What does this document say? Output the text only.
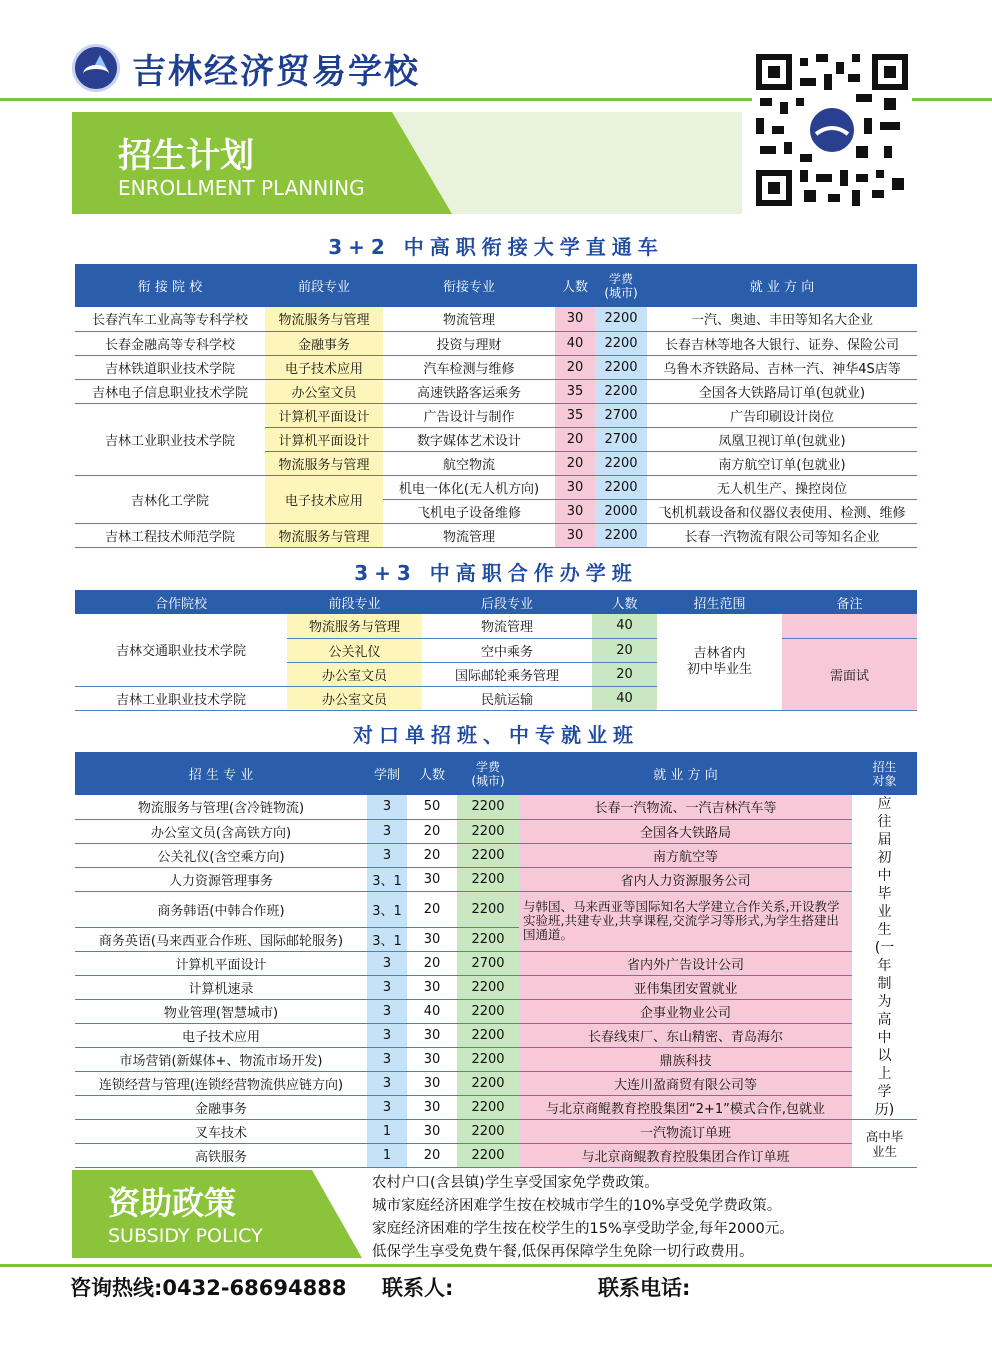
吉林经济贸易学校
招生计划
ENROLLMENT PLANNING
3+2 中高职衔接大学直通车
衔 接 院 校	前段专业	衔接专业	人数	学费
(城市)	就 业 方 向
长春汽车工业高等专科学校	物流服务与管理	物流管理	30	2200	一汽、奥迪、丰田等知名大企业
长春金融高等专科学校	金融事务	投资与理财	40	2200	长春吉林等地各大银行、证券、保险公司
吉林铁道职业技术学院	电子技术应用	汽车检测与维修	20	2200	乌鲁木齐铁路局、吉林一汽、神华4S店等
吉林电子信息职业技术学院	办公室文员	高速铁路客运乘务	35	2200	全国各大铁路局订单(包就业)
吉林工业职业技术学院	计算机平面设计	广告设计与制作	35	2700	广告印刷设计岗位
	计算机平面设计	数字媒体艺术设计	20	2700	凤凰卫视订单(包就业)
	物流服务与管理	航空物流	20	2200	南方航空订单(包就业)
吉林化工学院	电子技术应用	机电一体化(无人机方向)	30	2200	无人机生产、操控岗位
		飞机电子设备维修	30	2000	飞机机载设备和仪器仪表使用、检测、维修
吉林工程技术师范学院	物流服务与管理	物流管理	30	2200	长春一汽物流有限公司等知名企业
3+3 中高职合作办学班
合作院校	前段专业	后段专业	人数	招生范围	备注
吉林交通职业技术学院	物流服务与管理	物流管理	40	吉林省内
初中毕业生	
	公关礼仪	空中乘务	20		需面试
	办公室文员	国际邮轮乘务管理	20		
吉林工业职业技术学院	办公室文员	民航运输	40		
对口单招班、中专就业班
招 生 专 业	学制	人数	学费
(城市)	就 业 方 向	招生
对象
物流服务与管理(含冷链物流)	3	50	2200	长春一汽物流、一汽吉林汽车等	应往届初中毕业生(一年制为高中以上学历)
办公室文员(含高铁方向)	3	20	2200	全国各大铁路局	
公关礼仪(含空乘方向)	3	20	2200	南方航空等	
人力资源管理事务	3、1	30	2200	省内人力资源服务公司	
商务韩语(中韩合作班)	3、1	20	2200	与韩国、马来西亚等国际知名大学建立合作关系,开设教学实验班,共建专业,共享课程,交流学习等形式,为学生搭建出国通道。	
商务英语(马来西亚合作班、国际邮轮服务)	3、1	30	2200		
计算机平面设计	3	20	2700	省内外广告设计公司	
计算机速录	3	30	2200	亚伟集团安置就业	
物业管理(智慧城市)	3	40	2200	企事业物业公司	
电子技术应用	3	30	2200	长春线束厂、东山精密、青岛海尔	
市场营销(新媒体+、物流市场开发)	3	30	2200	鼎族科技	
连锁经营与管理(连锁经营物流供应链方向)	3	30	2200	大连川盈商贸有限公司等	
金融事务	3	30	2200	与北京商鲲教育控股集团“2+1”模式合作,包就业	
叉车技术	1	30	2200	一汽物流订单班	高中毕业生
高铁服务	1	20	2200	与北京商鲲教育控股集团合作订单班	
资助政策
SUBSIDY POLICY
农村户口(含县镇)学生享受国家免学费政策。
城市家庭经济困难学生按在校城市学生的10%享受免学费政策。
家庭经济困难的学生按在校学生的15%享受助学金,每年2000元。
低保学生享受免费午餐,低保再保障学生免除一切行政费用。
咨询热线:0432-68694888 联系人:	联系电话:
